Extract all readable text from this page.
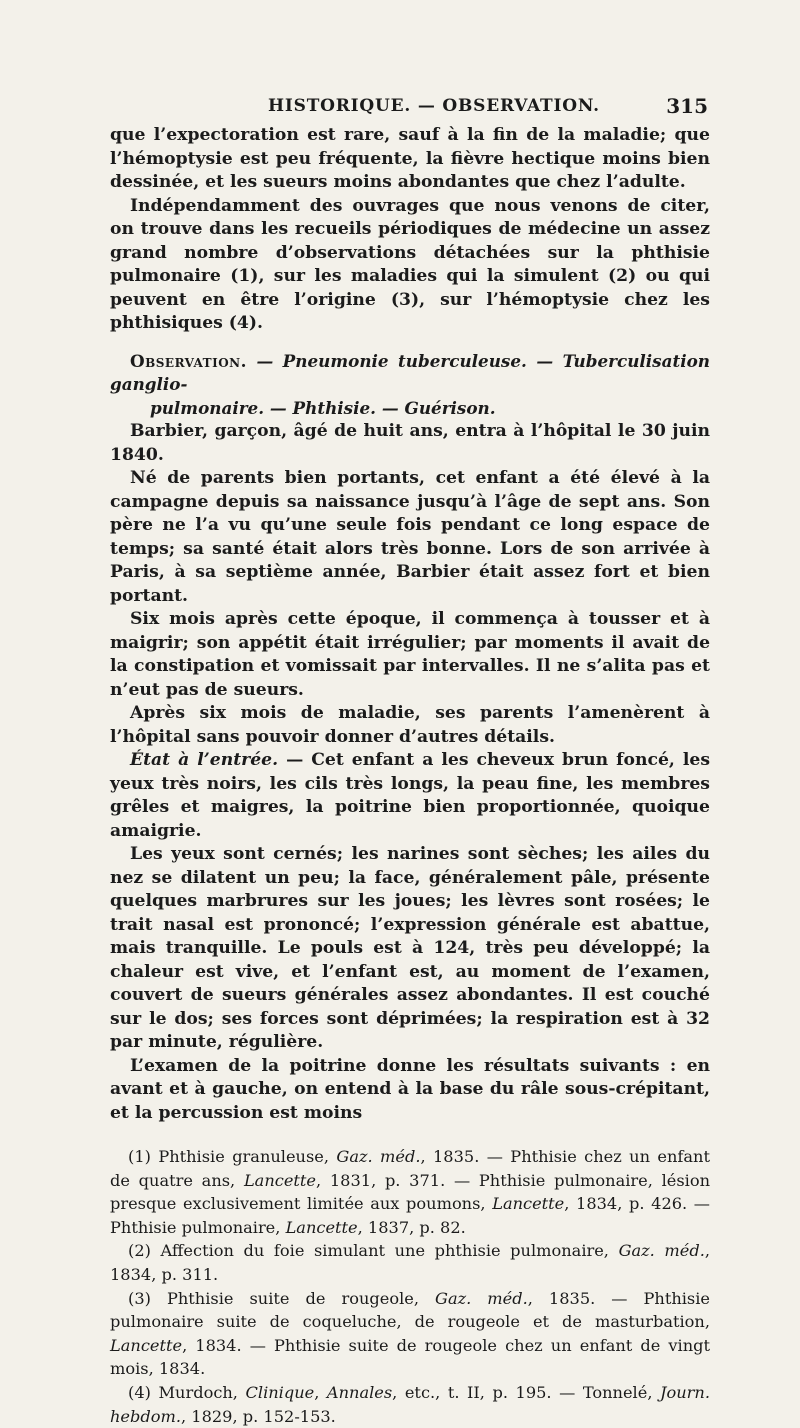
HISTORIQUE. — OBSERVATION.	315

que l’expectoration est rare, sauf à la fin de la maladie; que l’hémoptysie est peu fréquente, la fièvre hectique moins bien dessinée, et les sueurs moins abondantes que chez l’adulte.

Indépendamment des ouvrages que nous venons de citer, on trouve dans les recueils périodiques de médecine un assez grand nombre d’observations détachées sur la phthisie pulmonaire (1), sur les maladies qui la simulent (2) ou qui peuvent en être l’origine (3), sur l’hémoptysie chez les phthisiques (4).

Observation. — Pneumonie tuberculeuse. — Tuberculisation ganglio-
pulmonaire. — Phthisie. — Guérison.

Barbier, garçon, âgé de huit ans, entra à l’hôpital le 30 juin 1840.

Né de parents bien portants, cet enfant a été élevé à la campagne depuis sa naissance jusqu’à l’âge de sept ans. Son père ne l’a vu qu’une seule fois pendant ce long espace de temps; sa santé était alors très bonne. Lors de son arrivée à Paris, à sa septième année, Barbier était assez fort et bien portant.

Six mois après cette époque, il commença à tousser et à maigrir; son appétit était irrégulier; par moments il avait de la constipation et vomissait par intervalles. Il ne s’alita pas et n’eut pas de sueurs.

Après six mois de maladie, ses parents l’amenèrent à l’hôpital sans pouvoir donner d’autres détails.

État à l’entrée. — Cet enfant a les cheveux brun foncé, les yeux très noirs, les cils très longs, la peau fine, les membres grêles et maigres, la poitrine bien proportionnée, quoique amaigrie.

Les yeux sont cernés; les narines sont sèches; les ailes du nez se dilatent un peu; la face, généralement pâle, présente quelques marbrures sur les joues; les lèvres sont rosées; le trait nasal est prononcé; l’expression générale est abattue, mais tranquille. Le pouls est à 124, très peu développé; la chaleur est vive, et l’enfant est, au moment de l’examen, couvert de sueurs générales assez abondantes. Il est couché sur le dos; ses forces sont déprimées; la respiration est à 32 par minute, régulière.

L’examen de la poitrine donne les résultats suivants : en avant et à gauche, on entend à la base du râle sous-crépitant, et la percussion est moins

(1) Phthisie granuleuse, Gaz. méd., 1835. — Phthisie chez un enfant de quatre ans, Lancette, 1831, p. 371. — Phthisie pulmonaire, lésion presque exclusivement limitée aux poumons, Lancette, 1834, p. 426. — Phthisie pulmonaire, Lancette, 1837, p. 82.

(2) Affection du foie simulant une phthisie pulmonaire, Gaz. méd., 1834, p. 311.

(3) Phthisie suite de rougeole, Gaz. méd., 1835. — Phthisie pulmonaire suite de coqueluche, de rougeole et de masturbation, Lancette, 1834. — Phthisie suite de rougeole chez un enfant de vingt mois, 1834.

(4) Murdoch, Clinique, Annales, etc., t. II, p. 195. — Tonnelé, Journ. hebdom., 1829, p. 152-153.
